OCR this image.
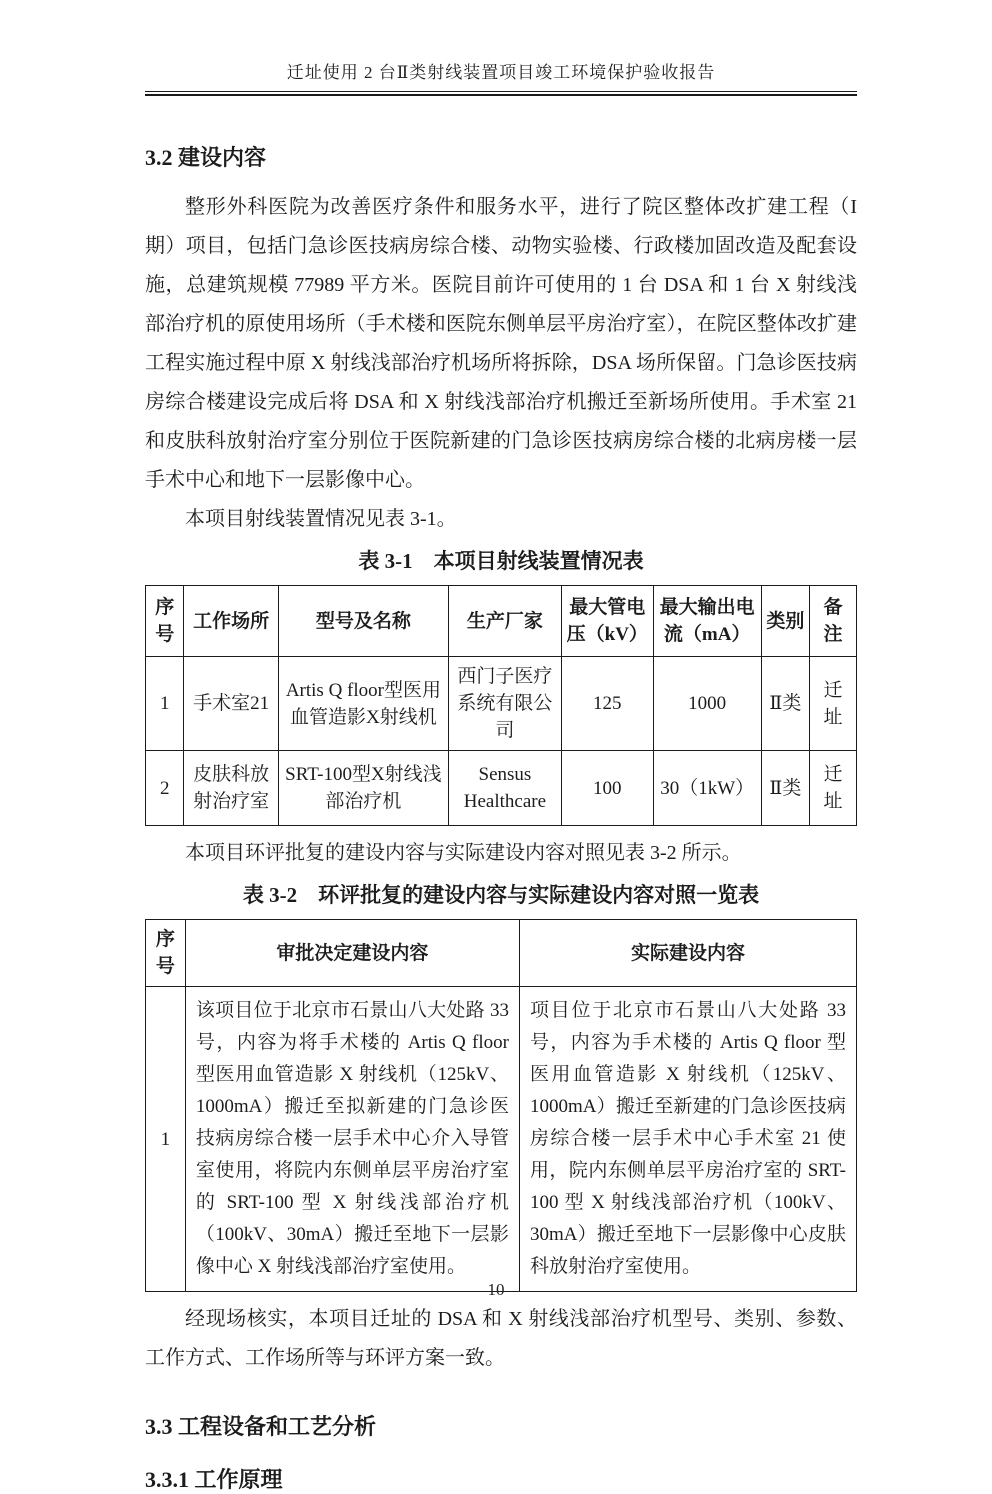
迁址使用 2 台Ⅱ类射线装置项目竣工环境保护验收报告
3.2 建设内容

整形外科医院为改善医疗条件和服务水平，进行了院区整体改扩建工程（I期）项目，包括门急诊医技病房综合楼、动物实验楼、行政楼加固改造及配套设施，总建筑规模 77989 平方米。医院目前许可使用的 1 台 DSA 和 1 台 X 射线浅部治疗机的原使用场所（手术楼和医院东侧单层平房治疗室），在院区整体改扩建工程实施过程中原 X 射线浅部治疗机场所将拆除，DSA 场所保留。门急诊医技病房综合楼建设完成后将 DSA 和 X 射线浅部治疗机搬迁至新场所使用。手术室 21 和皮肤科放射治疗室分别位于医院新建的门急诊医技病房综合楼的北病房楼一层手术中心和地下一层影像中心。

本项目射线装置情况见表 3-1。

表 3-1　本项目射线装置情况表
序号	工作场所	型号及名称	生产厂家	最大管电压（kV）	最大输出电流（mA）	类别	备注
1	手术室21	Artis Q floor型医用血管造影X射线机	西门子医疗系统有限公司	125	1000	Ⅱ类	迁址
2	皮肤科放射治疗室	SRT-100型X射线浅部治疗机	Sensus Healthcare	100	30（1kW）	Ⅱ类	迁址

本项目环评批复的建设内容与实际建设内容对照见表 3-2 所示。

表 3-2　环评批复的建设内容与实际建设内容对照一览表
序号	审批决定建设内容	实际建设内容
1	该项目位于北京市石景山八大处路 33 号，内容为将手术楼的 Artis Q floor 型医用血管造影 X 射线机（125kV、1000mA）搬迁至拟新建的门急诊医技病房综合楼一层手术中心介入导管室使用，将院内东侧单层平房治疗室的 SRT-100 型 X 射线浅部治疗机（100kV、30mA）搬迁至地下一层影像中心 X 射线浅部治疗室使用。	项目位于北京市石景山八大处路 33 号，内容为手术楼的 Artis Q floor 型医用血管造影 X 射线机（125kV、1000mA）搬迁至新建的门急诊医技病房综合楼一层手术中心手术室 21 使用，院内东侧单层平房治疗室的 SRT-100 型 X 射线浅部治疗机（100kV、30mA）搬迁至地下一层影像中心皮肤科放射治疗室使用。

经现场核实，本项目迁址的 DSA 和 X 射线浅部治疗机型号、类别、参数、工作方式、工作场所等与环评方案一致。

3.3 工程设备和工艺分析
3.3.1 工作原理
10
